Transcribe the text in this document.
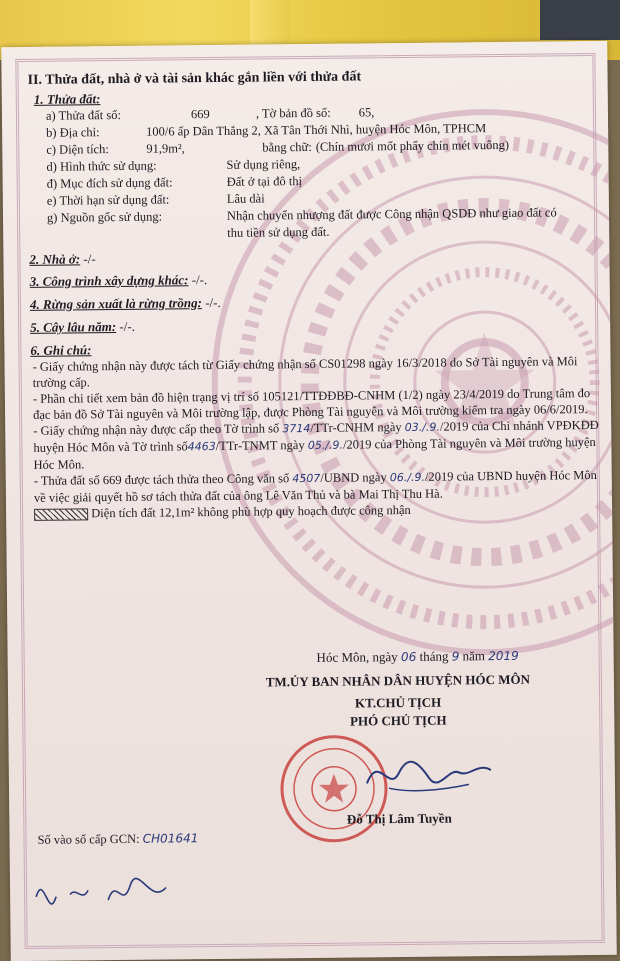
II. Thửa đất, nhà ở và tài sản khác gắn liền với thửa đất
1. Thửa đất:
a) Thửa đất số:	669	, Tờ bản đồ số: 65,
b) Địa chỉ:	100/6 ấp Dân Thắng 2, Xã Tân Thới Nhì, huyện Hóc Môn, TPHCM
c) Diện tích:	91,9m²,	bằng chữ: (Chín mươi mốt phẩy chín mét vuông)
d) Hình thức sử dụng:	Sử dụng riêng,
đ) Mục đích sử dụng đất:	Đất ở tại đô thị
e) Thời hạn sử dụng đất:	Lâu dài
g) Nguồn gốc sử dụng:	Nhận chuyển nhượng đất được Công nhận QSDĐ như giao đất có thu tiền sử dụng đất.
2. Nhà ở: -/-
3. Công trình xây dựng khác: -/-.
4. Rừng sản xuất là rừng trồng: -/-.
5. Cây lâu năm: -/-.
6. Ghi chú:
- Giấy chứng nhận này được tách từ Giấy chứng nhận số CS01298 ngày 16/3/2018 do Sở Tài nguyên và Môi trường cấp.
- Phần chi tiết xem bản đồ hiện trạng vị trí số 105121/TTĐĐBĐ-CNHM (1/2) ngày 23/4/2019 do Trung tâm đo đạc bản đồ Sở Tài nguyên và Môi trường lập, được Phòng Tài nguyên và Môi trường kiểm tra ngày 06/6/2019.
- Giấy chứng nhận này được cấp theo Tờ trình số 3714/TTr-CNHM ngày 03./.9./2019 của Chi nhánh VPĐKĐĐ huyện Hóc Môn và Tờ trình số4463/TTr-TNMT ngày 05./.9./2019 của Phòng Tài nguyên và Môi trường huyện Hóc Môn.
- Thửa đất số 669 được tách thửa theo Công văn số 4507/UBND ngày 06./.9./2019 của UBND huyện Hóc Môn về việc giải quyết hồ sơ tách thửa đất của ông Lê Văn Thủ và bà Mai Thị Thu Hà.
Diện tích đất 12,1m² không phù hợp quy hoạch được công nhận
Hóc Môn, ngày 06 tháng 9 năm 2019
TM.ỦY BAN NHÂN DÂN HUYỆN HÓC MÔN
KT.CHỦ TỊCH
PHÓ CHỦ TỊCH
Đỗ Thị Lâm Tuyền
Số vào sổ cấp GCN: CH01641
